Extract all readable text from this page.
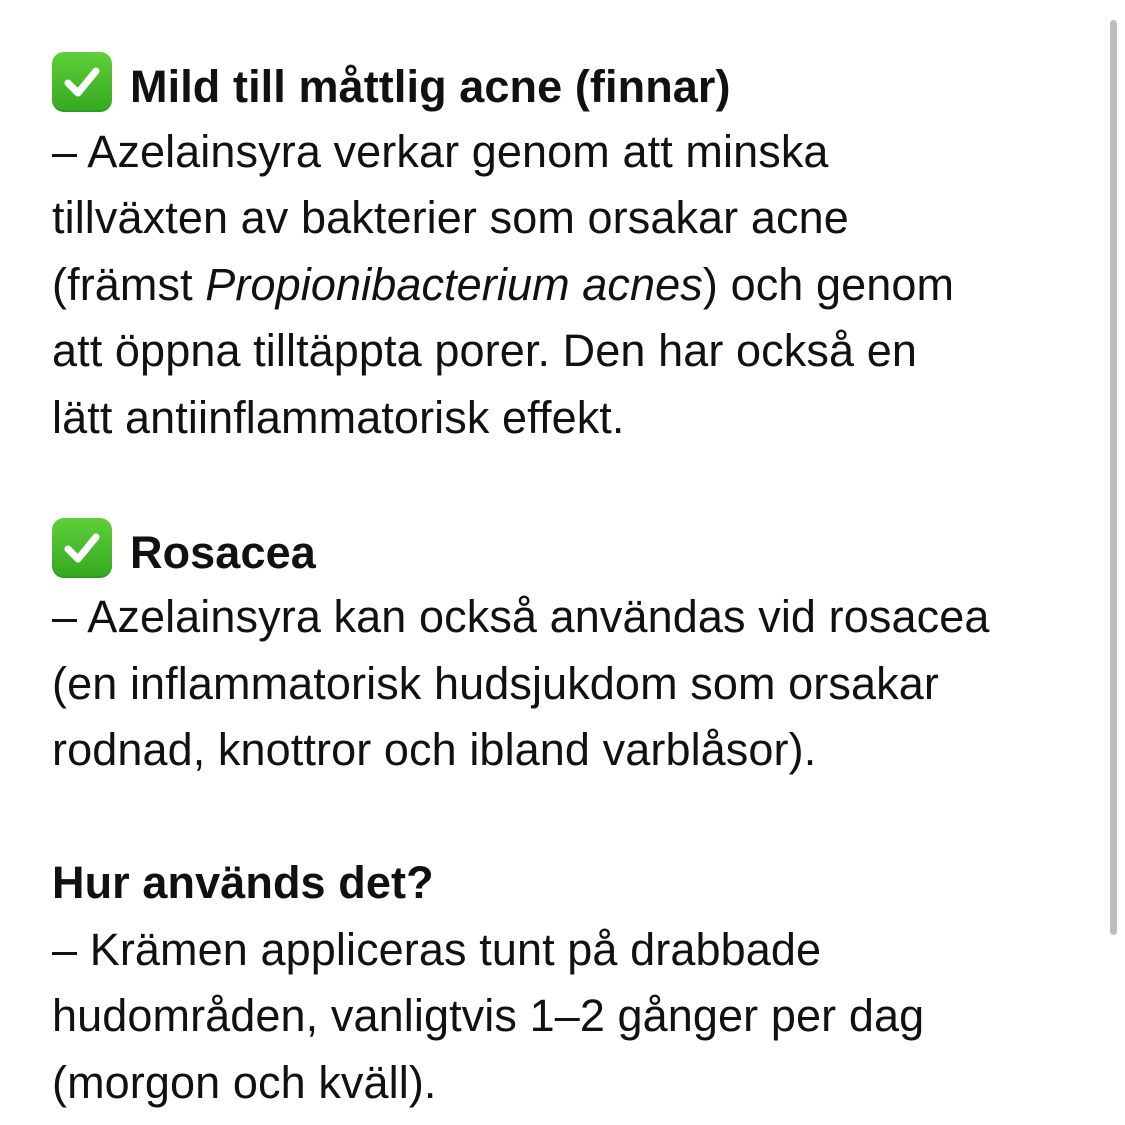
Mild till måttlig acne (finnar)
– Azelainsyra verkar genom att minska
tillväxten av bakterier som orsakar acne
(främst Propionibacterium acnes) och genom
att öppna tilltäppta porer. Den har också en
lätt antiinflammatorisk effekt.
Rosacea
– Azelainsyra kan också användas vid rosacea
(en inflammatorisk hudsjukdom som orsakar
rodnad, knottror och ibland varblåsor).
Hur används det?
– Krämen appliceras tunt på drabbade
hudområden, vanligtvis 1–2 gånger per dag
(morgon och kväll).
